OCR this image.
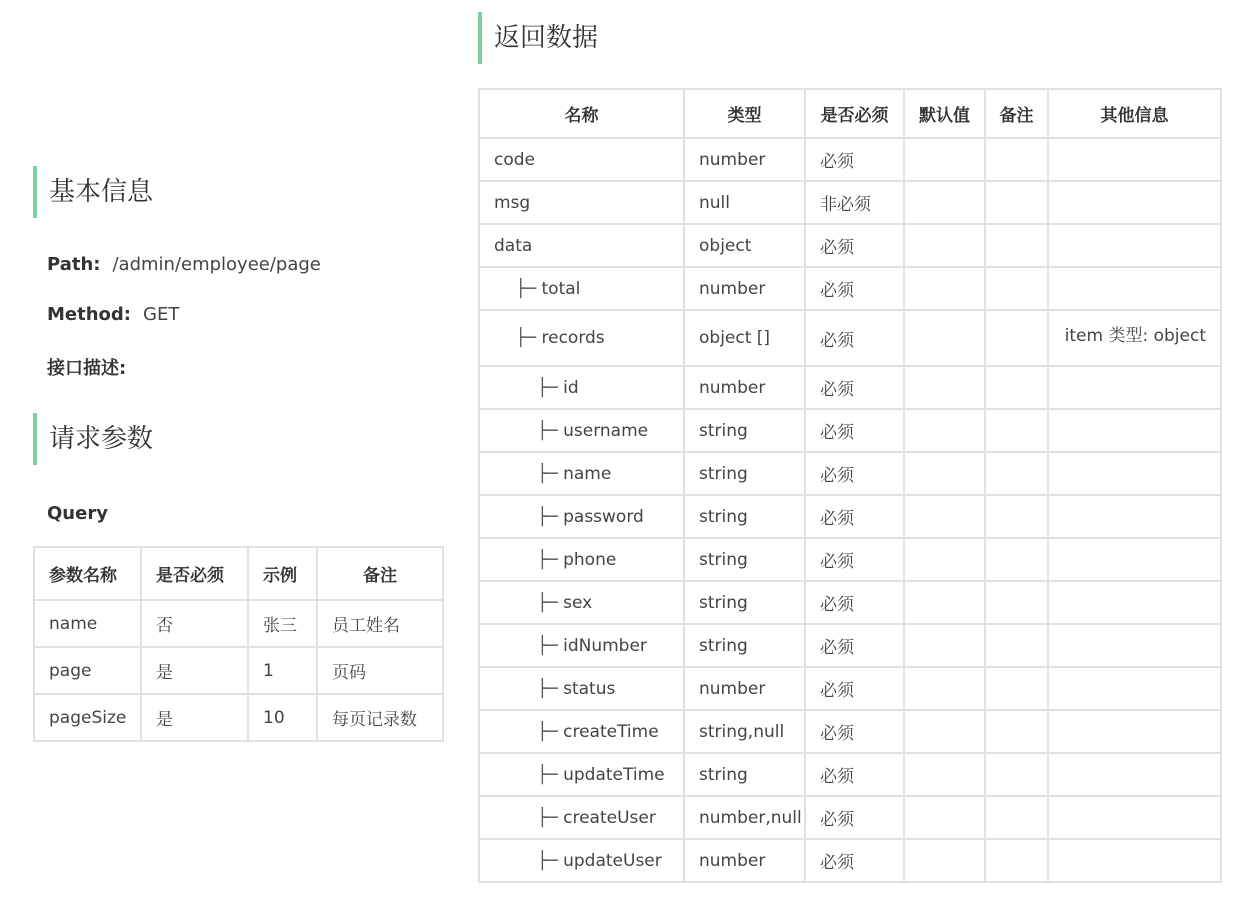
基本信息
Path: /admin/employee/page
Method: GET
接口描述:
请求参数
Query
参数名称	是否必须	示例	备注
name	否	张三	员工姓名
page	是	1	页码
pageSize	是	10	每页记录数
返回数据
名称	类型	是否必须	默认值	备注	其他信息
code	number	必须			
msg	null	非必须			
data	object	必须			
├─ total	number	必须			
├─ records	object []	必须			item 类型: object
├─ id	number	必须			
├─ username	string	必须			
├─ name	string	必须			
├─ password	string	必须			
├─ phone	string	必须			
├─ sex	string	必须			
├─ idNumber	string	必须			
├─ status	number	必须			
├─ createTime	string,null	必须			
├─ updateTime	string	必须			
├─ createUser	number,null	必须			
├─ updateUser	number	必须			
